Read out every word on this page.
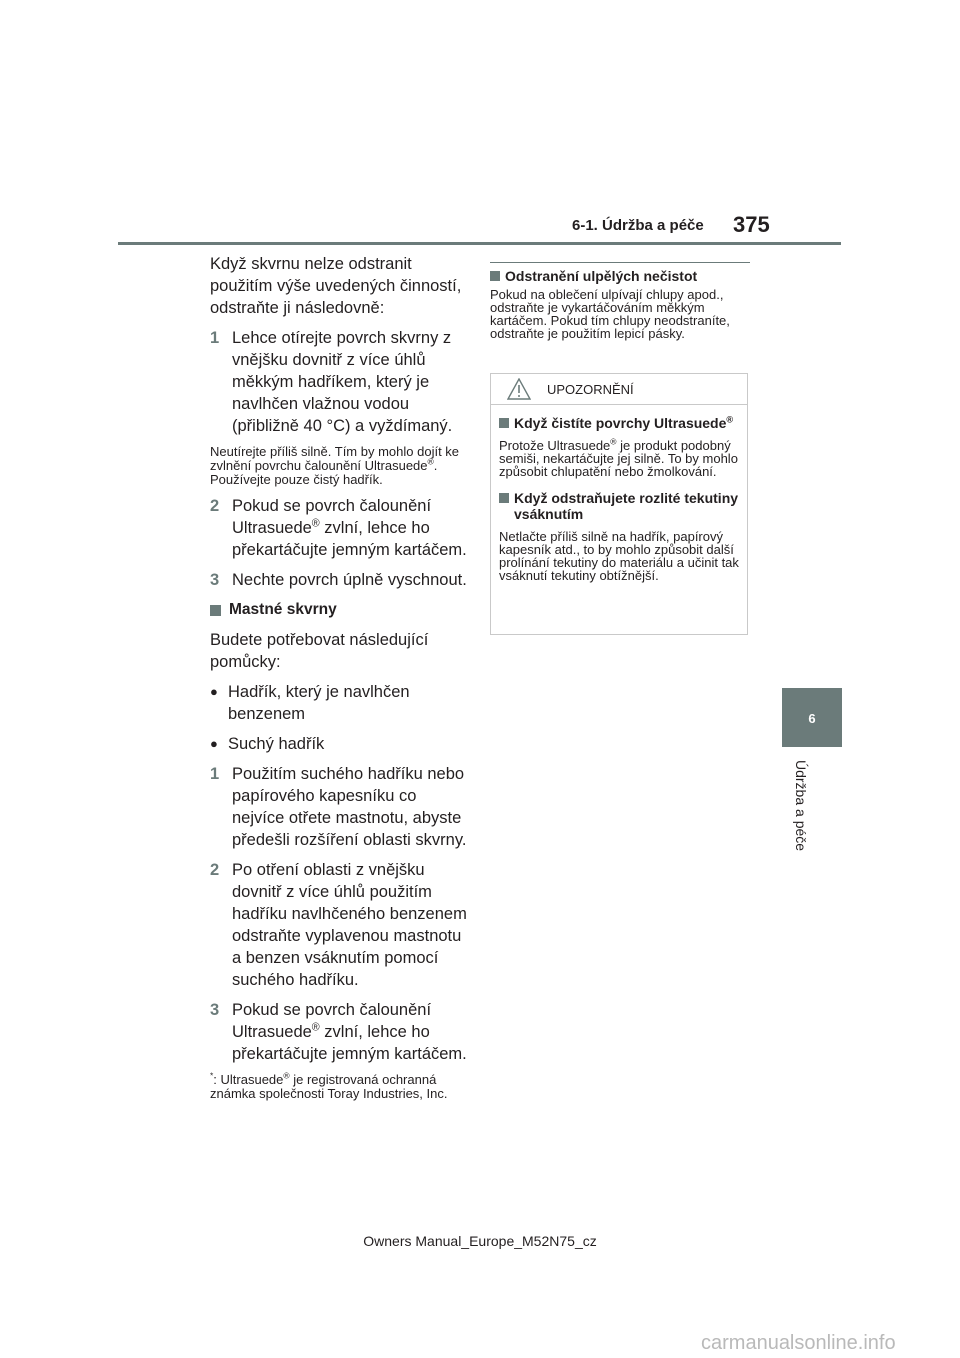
6-1. Údržba a péče 375
6
Údržba a péče

Když skvrnu nelze odstranit použitím výše uvedených činností, odstraňte ji následovně:

1 Lehce otírejte povrch skvrny z vnějšku dovnitř z více úhlů měkkým hadříkem, který je navlhčen vlažnou vodou (přibližně 40 °C) a vyždímaný.

Neutírejte příliš silně. Tím by mohlo dojít ke zvlnění povrchu čalounění Ultrasuede®. Používejte pouze čistý hadřík.

2 Pokud se povrch čalounění Ultrasuede® zvlní, lehce ho překartáčujte jemným kartáčem.
3 Nechte povrch úplně vyschnout.
Mastné skvrny

Budete potřebovat následující pomůcky:

● Hadřík, který je navlhčen benzenem
● Suchý hadřík
1 Použitím suchého hadříku nebo papírového kapesníku co nejvíce otřete mastnotu, abyste předešli rozšíření oblasti skvrny.
2 Po otření oblasti z vnějšku dovnitř z více úhlů použitím hadříku navlhčeného benzenem odstraňte vyplavenou mastnotu a benzen vsáknutím pomocí suchého hadříku.
3 Pokud se povrch čalounění Ultrasuede® zvlní, lehce ho překartáčujte jemným kartáčem.
*: Ultrasuede® je registrovaná ochranná známka společnosti Toray Industries, Inc.
Odstranění ulpělých nečistot

Pokud na oblečení ulpívají chlupy apod., odstraňte je vykartáčováním měkkým kartáčem. Pokud tím chlupy neodstraníte, odstraňte je použitím lepicí pásky.

UPOZORNĚNÍ
Když čistíte povrchy Ultrasuede®

Protože Ultrasuede® je produkt podobný semiši, nekartáčujte jej silně. To by mohlo způsobit chlupatění nebo žmolkování.

Když odstraňujete rozlité tekutiny vsáknutím

Netlačte příliš silně na hadřík, papírový kapesník atd., to by mohlo způsobit další prolínání tekutiny do materiálu a učinit tak vsáknutí tekutiny obtížnější.

Owners Manual_Europe_M52N75_cz
carmanualsonline.info
